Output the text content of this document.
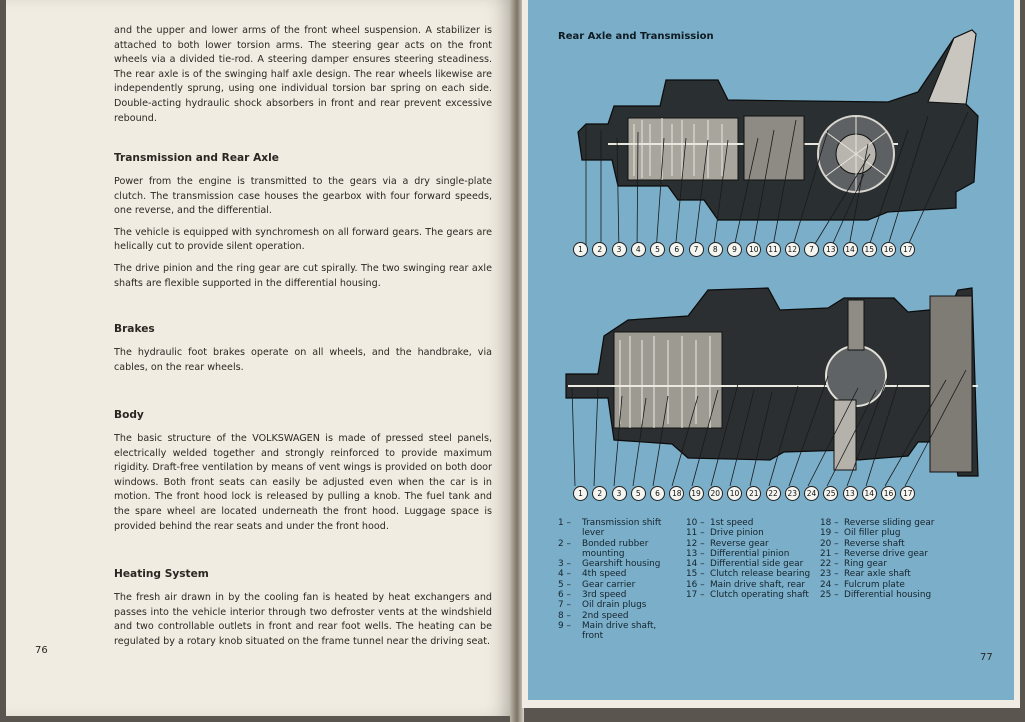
and the upper and lower arms of the front wheel suspension. A stabilizer is attached to both lower torsion arms. The steering gear acts on the front wheels via a divided tie-rod. A steering damper ensures steering steadiness. The rear axle is of the swinging half axle design. The rear wheels likewise are independently sprung, using one individual torsion bar spring on each side. Double-acting hydraulic shock absorbers in front and rear prevent excessive rebound.
Transmission and Rear Axle

Power from the engine is transmitted to the gears via a dry single-plate clutch. The transmission case houses the gearbox with four forward speeds, one reverse, and the differential.

The vehicle is equipped with synchromesh on all forward gears. The gears are helically cut to provide silent operation.

The drive pinion and the ring gear are cut spirally. The two swinging rear axle shafts are flexible supported in the differential housing.

Brakes

The hydraulic foot brakes operate on all wheels, and the handbrake, via cables, on the rear wheels.

Body

The basic structure of the VOLKSWAGEN is made of pressed steel panels, electrically welded together and strongly reinforced to provide maximum rigidity. Draft-free ventilation by means of vent wings is provided on both door windows. Both front seats can easily be adjusted even when the car is in motion. The front hood lock is released by pulling a knob. The fuel tank and the spare wheel are located underneath the front hood. Luggage space is provided behind the rear seats and under the front hood.

Heating System

The fresh air drawn in by the cooling fan is heated by heat exchangers and passes into the vehicle interior through two defroster vents at the windshield and two controllable outlets in front and rear foot wells. The heating can be regulated by a rotary knob situated on the frame tunnel near the driving seat.

76
Rear Axle and Transmission
1	2	3	4	5	6	7	8	9	10	11	12	7	13	14	15	16	17
1	2	3	5	6	18	19	20	10	21	22	23	24	25	13	14	16	17
1 –	Transmission shift lever
2 –	Bonded rubber mounting
3 –	Gearshift housing
4 –	4th speed
5 –	Gear carrier
6 –	3rd speed
7 –	Oil drain plugs
8 –	2nd speed
9 –	Main drive shaft, front
10 – 1st speed
11 – Drive pinion
12 – Reverse gear
13 – Differential pinion
14 – Differential side gear
15 – Clutch release bearing
16 – Main drive shaft, rear
17 – Clutch operating shaft
18 – Reverse sliding gear
19 – Oil filler plug
20 – Reverse shaft
21 – Reverse drive gear
22 – Ring gear
23 – Rear axle shaft
24 – Fulcrum plate
25 – Differential housing
77
